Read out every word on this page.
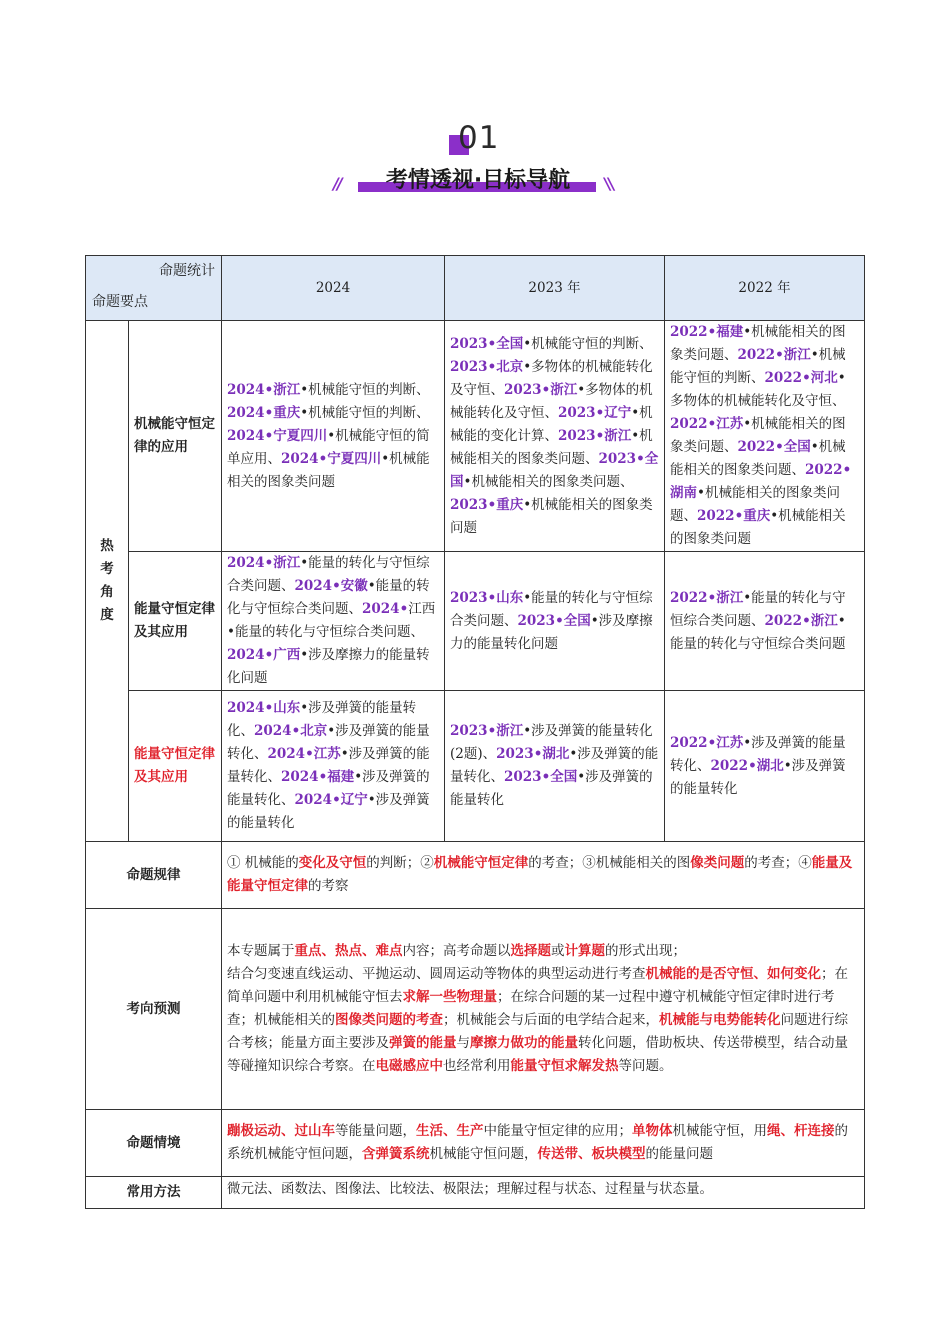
01
//	考情透视·目标导航	//
命题统计
命题要点		2024	2023 年	2022 年

热
考
角
度	机械能守恒定律的应用	2024•浙江•机械能守恒的判断、2024•重庆•机械能守恒的判断、2024•宁夏四川•机械能守恒的简单应用、2024•宁夏四川•机械能相关的图象类问题	2023•全国•机械能守恒的判断、2023•北京•多物体的机械能转化及守恒、2023•浙江•多物体的机械能转化及守恒、2023•辽宁•机械能的变化计算、2023•浙江•机械能相关的图象类问题、2023•全国•机械能相关的图象类问题、2023•重庆•机械能相关的图象类问题	2022•福建•机械能相关的图象类问题、2022•浙江•机械能守恒的判断、2022•河北•多物体的机械能转化及守恒、2022•江苏•机械能相关的图象类问题、2022•全国•机械能相关的图象类问题、2022•湖南•机械能相关的图象类问题、2022•重庆•机械能相关的图象类问题
	能量守恒定律及其应用	2024•浙江•能量的转化与守恒综合类问题、2024•安徽•能量的转化与守恒综合类问题、2024•江西•能量的转化与守恒综合类问题、2024•广西•涉及摩擦力的能量转化问题	2023•山东•能量的转化与守恒综合类问题、2023•全国•涉及摩擦力的能量转化问题	2022•浙江•能量的转化与守恒综合类问题、2022•浙江•能量的转化与守恒综合类问题
	能量守恒定律及其应用	2024•山东•涉及弹簧的能量转化、2024•北京•涉及弹簧的能量转化、2024•江苏•涉及弹簧的能量转化、2024•福建•涉及弹簧的能量转化、2024•辽宁•涉及弹簧的能量转化	2023•浙江•涉及弹簧的能量转化(2题)、2023•湖北•涉及弹簧的能量转化、2023•全国•涉及弹簧的能量转化	2022•江苏•涉及弹簧的能量转化、2022•湖北•涉及弹簧的能量转化
命题规律		① 机械能的变化及守恒的判断；②机械能守恒定律的考查；③机械能相关的图像类问题的考查；④能量及能量守恒定律的考察		
考向预测		本专题属于重点、热点、难点内容；高考命题以选择题或计算题的形式出现；
结合匀变速直线运动、平抛运动、圆周运动等物体的典型运动进行考查机械能的是否守恒、如何变化；在简单问题中利用机械能守恒去求解一些物理量；在综合问题的某一过程中遵守机械能守恒定律时进行考查；机械能相关的图像类问题的考查；机械能会与后面的电学结合起来，机械能与电势能转化问题进行综合考核；能量方面主要涉及弹簧的能量与摩擦力做功的能量转化问题，借助板块、传送带模型，结合动量等碰撞知识综合考察。在电磁感应中也经常利用能量守恒求解发热等问题。		
命题情境		蹦极运动、过山车等能量问题，生活、生产中能量守恒定律的应用；单物体机械能守恒，用绳、杆连接的系统机械能守恒问题，含弹簧系统机械能守恒问题，传送带、板块模型的能量问题		
常用方法		微元法、函数法、图像法、比较法、极限法；理解过程与状态、过程量与状态量。		
